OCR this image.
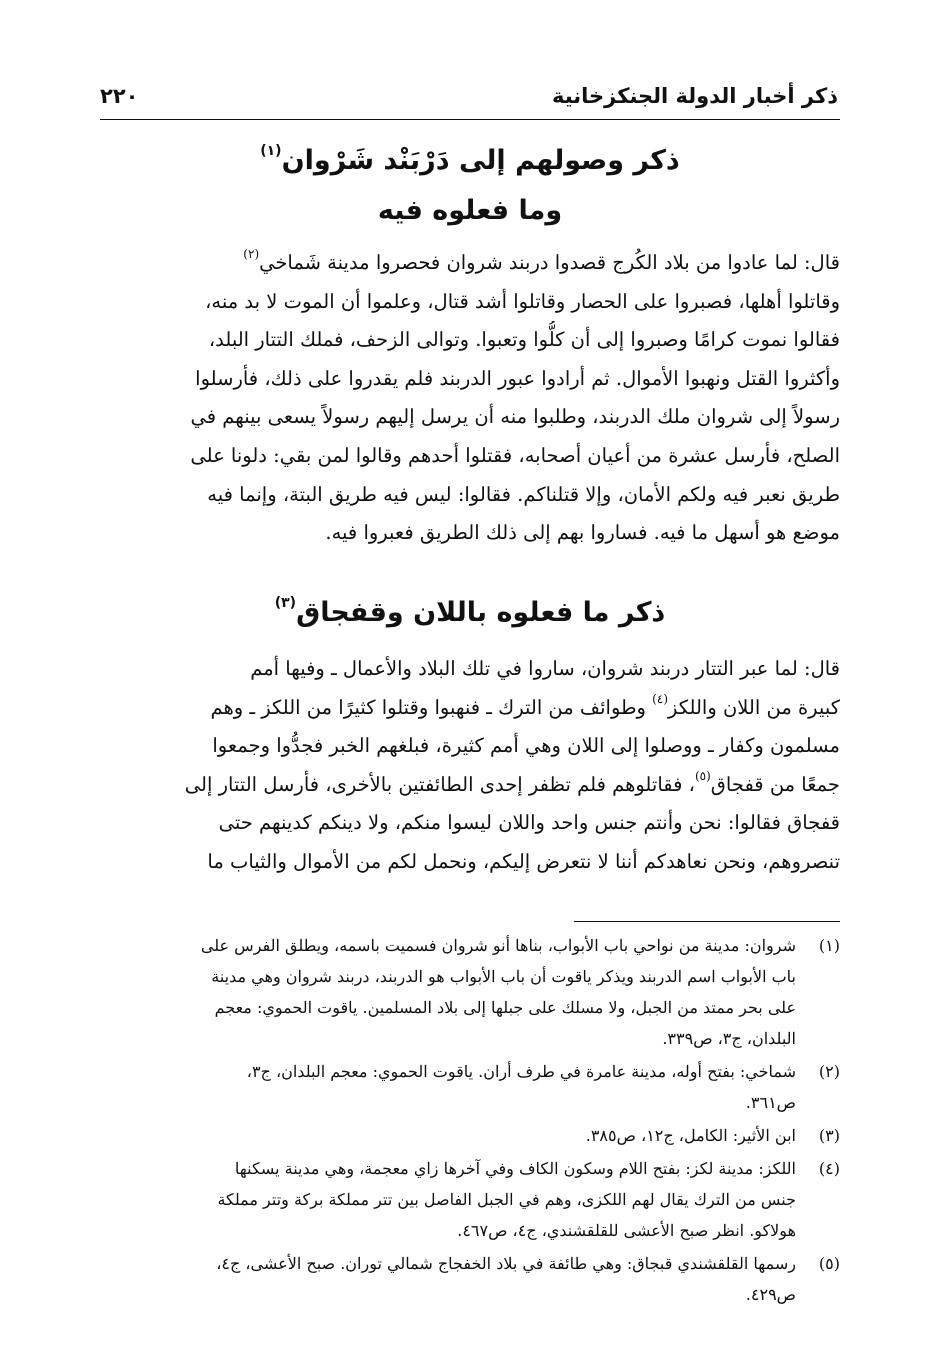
ذكر أخبار الدولة الجنكزخانية
٢٢٠
ذكر وصولهم إلى دَرْبَنْد شَرْوان$^{(١)}$
وما فعلوه فيه
قال: لما عادوا من بلاد الكُرج قصدوا دربند شروان فحصروا مدينة شَماخي$^{(٢)}$
وقاتلوا أهلها، فصبروا على الحصار وقاتلوا أشد قتال، وعلموا أن الموت لا بد منه،
فقالوا نموت كرامًا وصبروا إلى أن كلُّوا وتعبوا. وتوالى الزحف، فملك التتار البلد،
وأكثروا القتل ونهبوا الأموال. ثم أرادوا عبور الدربند فلم يقدروا على ذلك، فأرسلوا
رسولاً إلى شروان ملك الدربند، وطلبوا منه أن يرسل إليهم رسولاً يسعى بينهم في
الصلح، فأرسل عشرة من أعيان أصحابه، فقتلوا أحدهم وقالوا لمن بقي: دلونا على
طريق نعبر فيه ولكم الأمان، وإلا قتلناكم. فقالوا: ليس فيه طريق البتة، وإنما فيه
موضع هو أسهل ما فيه. فساروا بهم إلى ذلك الطريق فعبروا فيه.
ذكر ما فعلوه باللان وقفجاق$^{(٣)}$
قال: لما عبر التتار دربند شروان، ساروا في تلك البلاد والأعمال ـ وفيها أمم
كبيرة من اللان واللكز$^{(٤)}$ وطوائف من الترك ـ فنهبوا وقتلوا كثيرًا من اللكز ـ وهم
مسلمون وكفار ـ ووصلوا إلى اللان وهي أمم كثيرة، فبلغهم الخبر فجدُّوا وجمعوا
جمعًا من قفجاق$^{(٥)}$، فقاتلوهم فلم تظفر إحدى الطائفتين بالأخرى، فأرسل التتار إلى
قفجاق فقالوا: نحن وأنتم جنس واحد واللان ليسوا منكم، ولا دينكم كدينهم حتى
تنصروهم، ونحن نعاهدكم أننا لا نتعرض إليكم، ونحمل لكم من الأموال والثياب ما
(١)
شروان: مدينة من نواحي باب الأبواب، بناها أنو شروان فسميت باسمه، ويطلق الفرس على
باب الأبواب اسم الدربند ويذكر ياقوت أن باب الأبواب هو الدربند، دربند شروان وهي مدينة
على بحر ممتد من الجبل، ولا مسلك على جبلها إلى بلاد المسلمين. ياقوت الحموي: معجم
البلدان، ج٣، ص٣٣٩.
(٢)
شماخي: بفتح أوله، مدينة عامرة في طرف أران. ياقوت الحموي: معجم البلدان، ج٣،
ص٣٦١.
(٣)
ابن الأثير: الكامل، ج١٢، ص٣٨٥.
(٤)
اللكز: مدينة لكز: بفتح اللام وسكون الكاف وفي آخرها زاي معجمة، وهي مدينة يسكنها
جنس من الترك يقال لهم اللكزى، وهم في الجبل الفاصل بين تتر مملكة بركة وتتر مملكة
هولاكو. انظر صبح الأعشى للقلقشندي، ج٤، ص٤٦٧.
(٥)
رسمها القلقشندي قبجاق: وهي طائفة في بلاد الخفجاج شمالي توران. صبح الأعشى، ج٤،
ص٤٢٩.
